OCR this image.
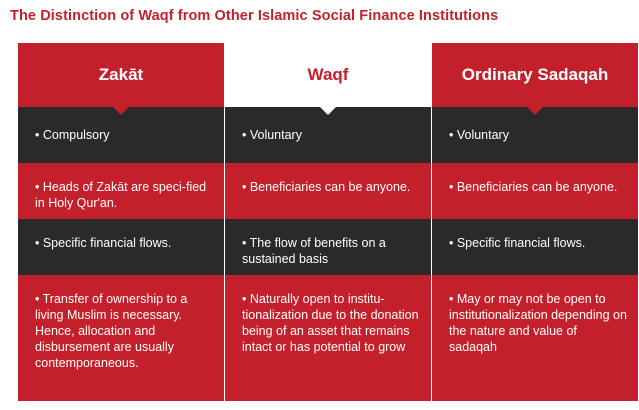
The Distinction of Waqf from Other Islamic Social Finance Institutions
Zakāt
• Compulsory
• Heads of Zakāt are speci-fied in Holy Qur'an.
• Specific financial flows.
• Transfer of ownership to a living Muslim is necessary. Hence, allocation and disbursement are usually contemporaneous.
Waqf
• Voluntary
• Beneficiaries can be anyone.
• The flow of benefits on a sustained basis
• Naturally open to institu-tionalization due to the donation being of an asset that remains intact or has potential to grow
Ordinary Sadaqah
• Voluntary
• Beneficiaries can be anyone.
• Specific financial flows.
• May or may not be open to institutionalization depending on the nature and value of sadaqah
